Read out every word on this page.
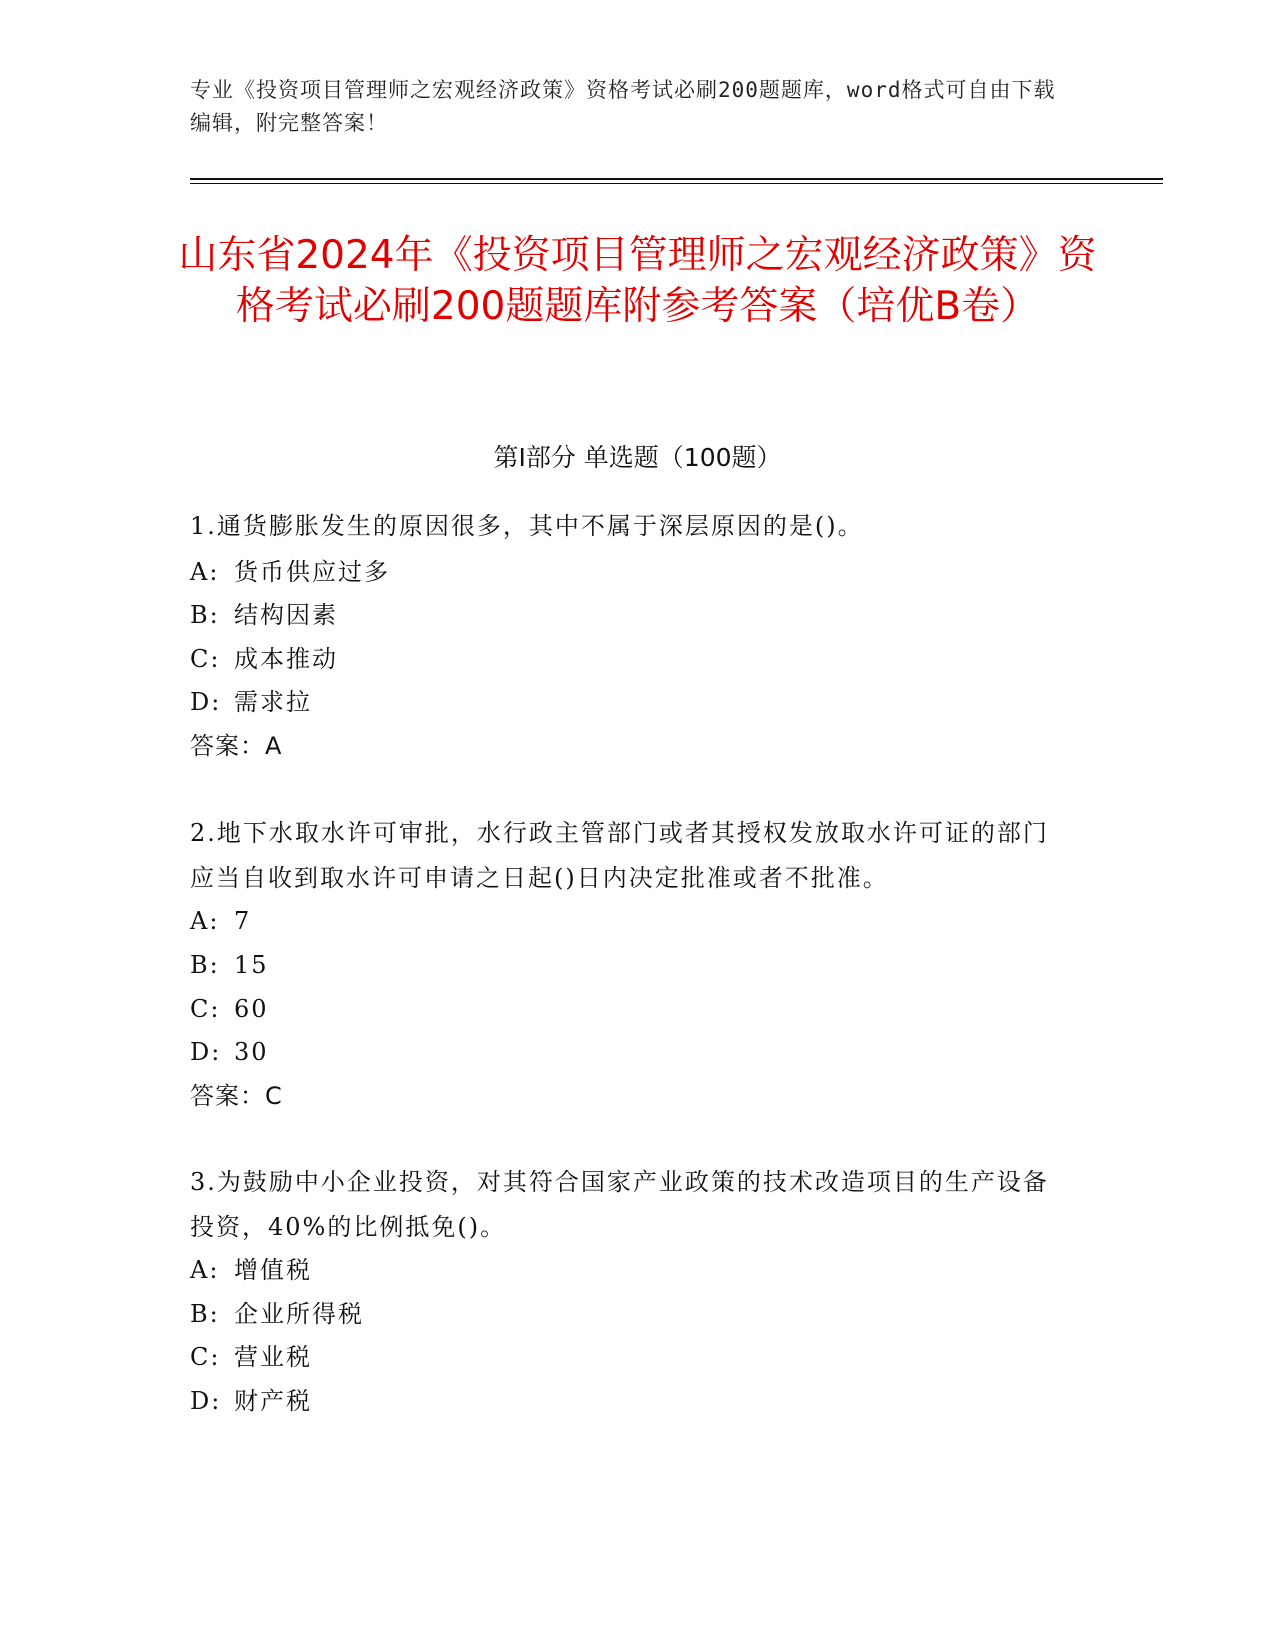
专业《投资项目管理师之宏观经济政策》资格考试必刷200题题库，word格式可自由下载编辑，附完整答案！
山东省2024年《投资项目管理师之宏观经济政策》资格考试必刷200题题库附参考答案（培优B卷）
第Ⅰ部分 单选题（100题）
1.通货膨胀发生的原因很多，其中不属于深层原因的是()。
A: 货币供应过多
B: 结构因素
C: 成本推动
D: 需求拉
答案：A
2.地下水取水许可审批，水行政主管部门或者其授权发放取水许可证的部门应当自收到取水许可申请之日起()日内决定批准或者不批准。
A: 7
B: 15
C: 60
D: 30
答案：C
3.为鼓励中小企业投资，对其符合国家产业政策的技术改造项目的生产设备投资，40%的比例抵免()。
A: 增值税
B: 企业所得税
C: 营业税
D: 财产税
